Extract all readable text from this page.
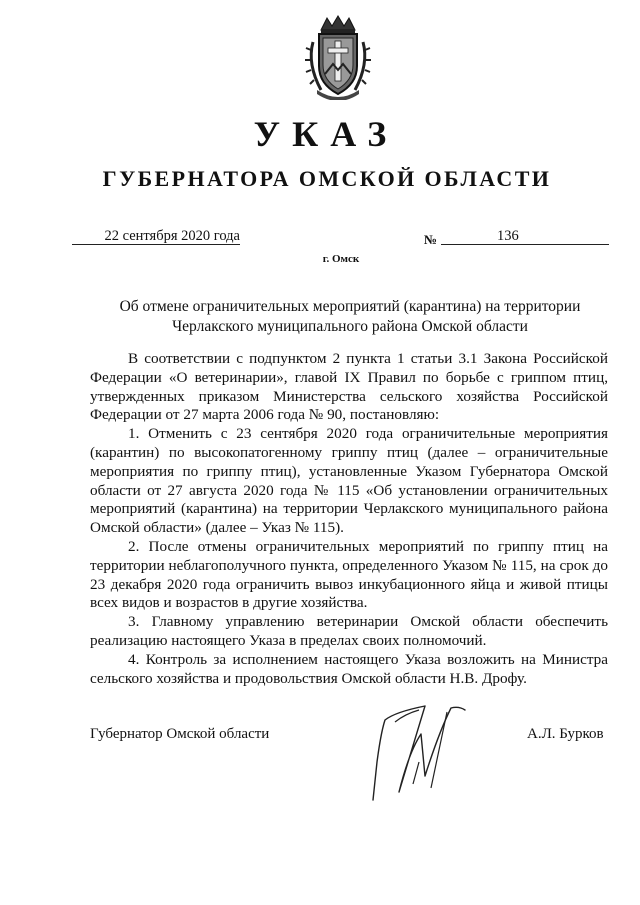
УКАЗ
ГУБЕРНАТОРА ОМСКОЙ ОБЛАСТИ
22 сентября 2020 года	№	136
г. Омск
Об отмене ограничительных мероприятий (карантина) на территории Черлакского муниципального района Омской области

В соответствии с подпунктом 2 пункта 1 статьи 3.1 Закона Российской Федерации «О ветеринарии», главой IX Правил по борьбе с гриппом птиц, утвержденных приказом Министерства сельского хозяйства Российской Федерации от 27 марта 2006 года № 90, постановляю:

1. Отменить с 23 сентября 2020 года ограничительные мероприятия (карантин) по высокопатогенному гриппу птиц (далее – ограничительные мероприятия по гриппу птиц), установленные Указом Губернатора Омской области от 27 августа 2020 года № 115 «Об установлении ограничительных мероприятий (карантина) на территории Черлакского муниципального района Омской области» (далее – Указ № 115).

2. После отмены ограничительных мероприятий по гриппу птиц на территории неблагополучного пункта, определенного Указом № 115, на срок до 23 декабря 2020 года ограничить вывоз инкубационного яйца и живой птицы всех видов и возрастов в другие хозяйства.

3. Главному управлению ветеринарии Омской области обеспечить реализацию настоящего Указа в пределах своих полномочий.

4. Контроль за исполнением настоящего Указа возложить на Министра сельского хозяйства и продовольствия Омской области Н.В. Дрофу.

Губернатор Омской области	А.Л. Бурков
